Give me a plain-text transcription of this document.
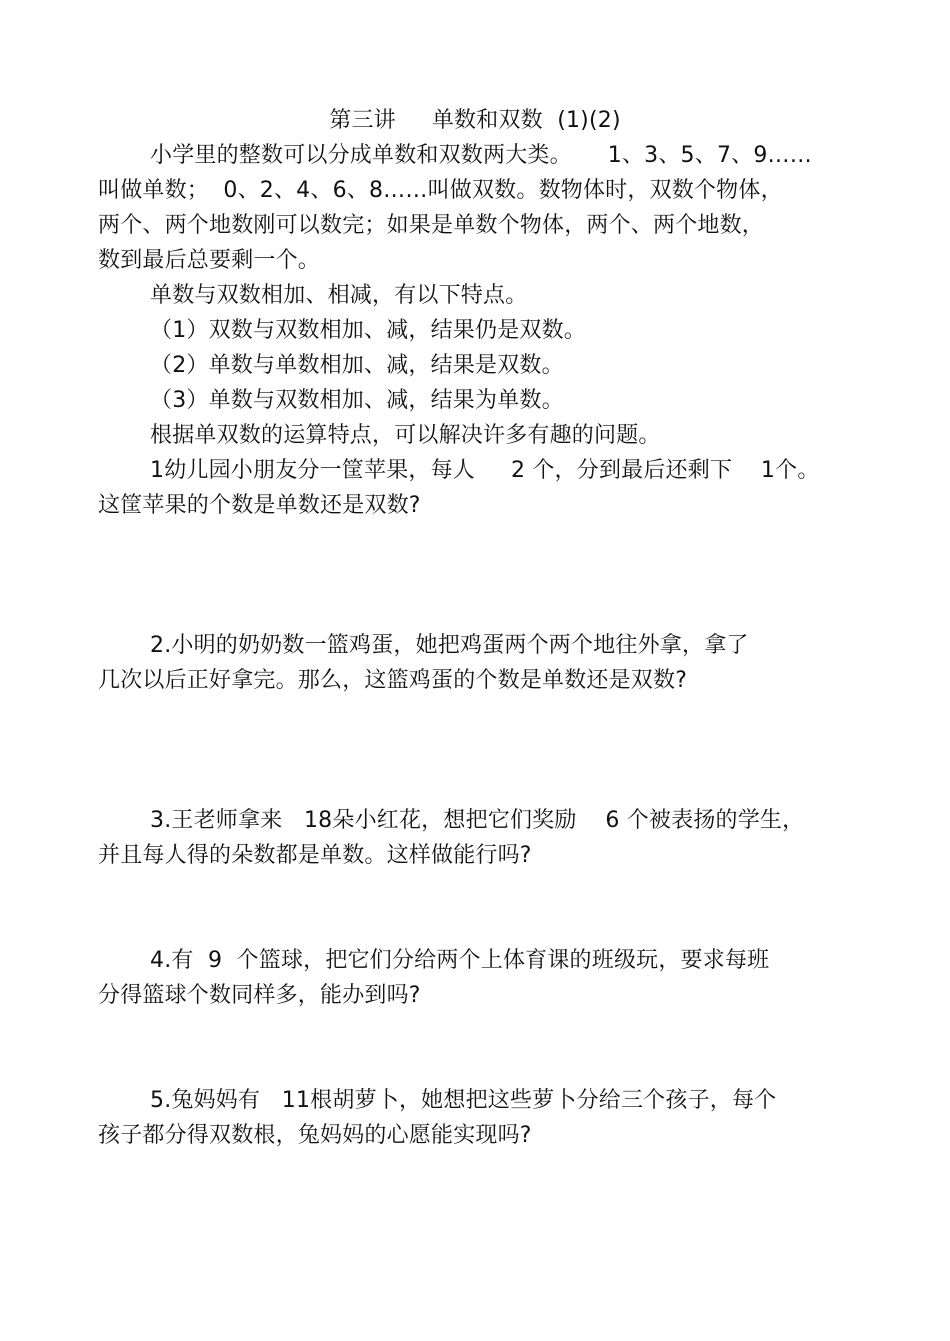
第三讲     单数和双数  (1)(2)
小学里的整数可以分成单数和双数两大类。     1、3、5、7、9……
叫做单数；  0、2、4、6、8……叫做双数。数物体时，双数个物体，
两个、两个地数刚可以数完；如果是单数个物体，两个、两个地数，
数到最后总要剩一个。
单数与双数相加、相减，有以下特点。
（1）双数与双数相加、减，结果仍是双数。
（2）单数与单数相加、减，结果是双数。
（3）单数与双数相加、减，结果为单数。
根据单双数的运算特点，可以解决许多有趣的问题。
1幼儿园小朋友分一筐苹果，每人     2 个，分到最后还剩下    1个。
这筐苹果的个数是单数还是双数?
2.小明的奶奶数一篮鸡蛋，她把鸡蛋两个两个地往外拿，拿了
几次以后正好拿完。那么，这篮鸡蛋的个数是单数还是双数?
3.王老师拿来   18朵小红花，想把它们奖励    6 个被表扬的学生，
并且每人得的朵数都是单数。这样做能行吗?
4.有  9  个篮球，把它们分给两个上体育课的班级玩，要求每班
分得篮球个数同样多，能办到吗?
5.兔妈妈有   11根胡萝卜，她想把这些萝卜分给三个孩子，每个
孩子都分得双数根，兔妈妈的心愿能实现吗?
